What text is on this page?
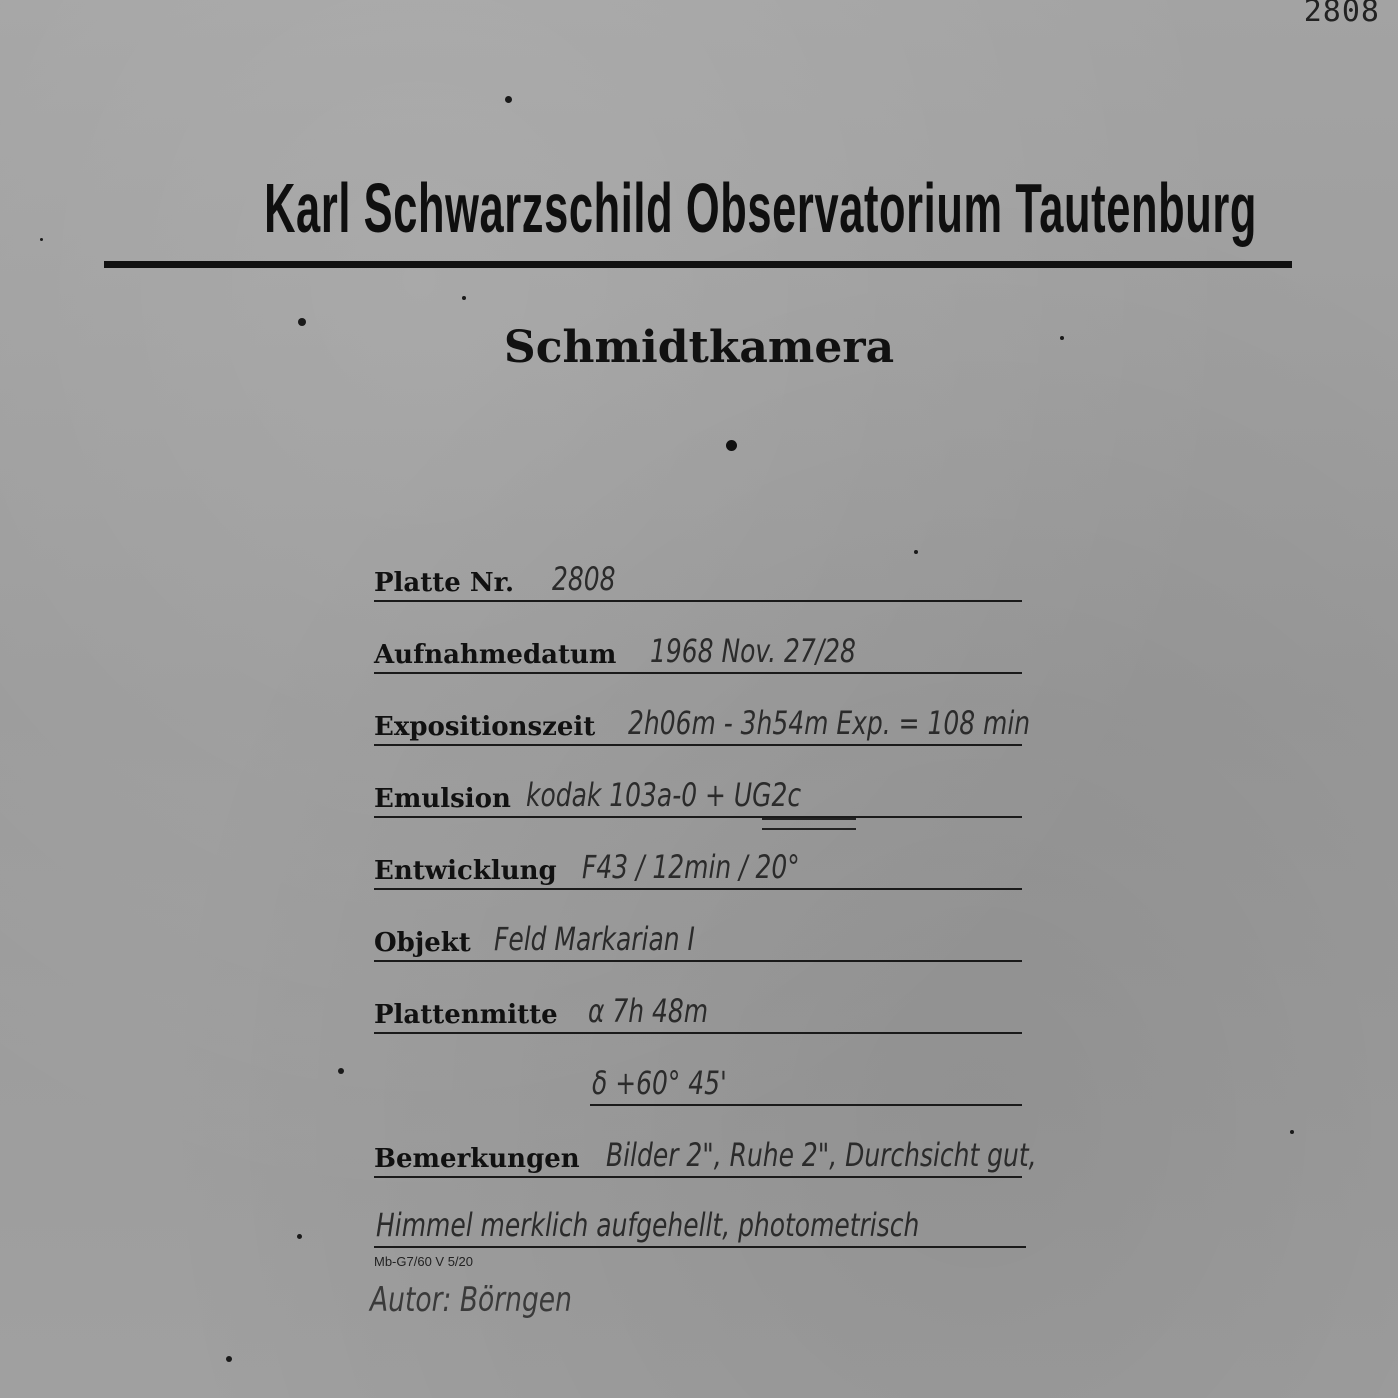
2808
Karl Schwarzschild Observatorium Tautenburg
Schmidtkamera
Platte Nr. 2808
Aufnahmedatum 1968 Nov. 27/28
Expositionszeit 2h06m - 3h54m Exp. = 108 min
Emulsion kodak 103a-0 + UG2c
Entwicklung F43 / 12min / 20°
Objekt Feld Markarian I
Plattenmitte α 7h 48m
δ +60° 45'
Bemerkungen Bilder 2", Ruhe 2", Durchsicht gut,
Himmel merklich aufgehellt, photometrisch
Mb-G7/60 V 5/20
Autor: Börngen
